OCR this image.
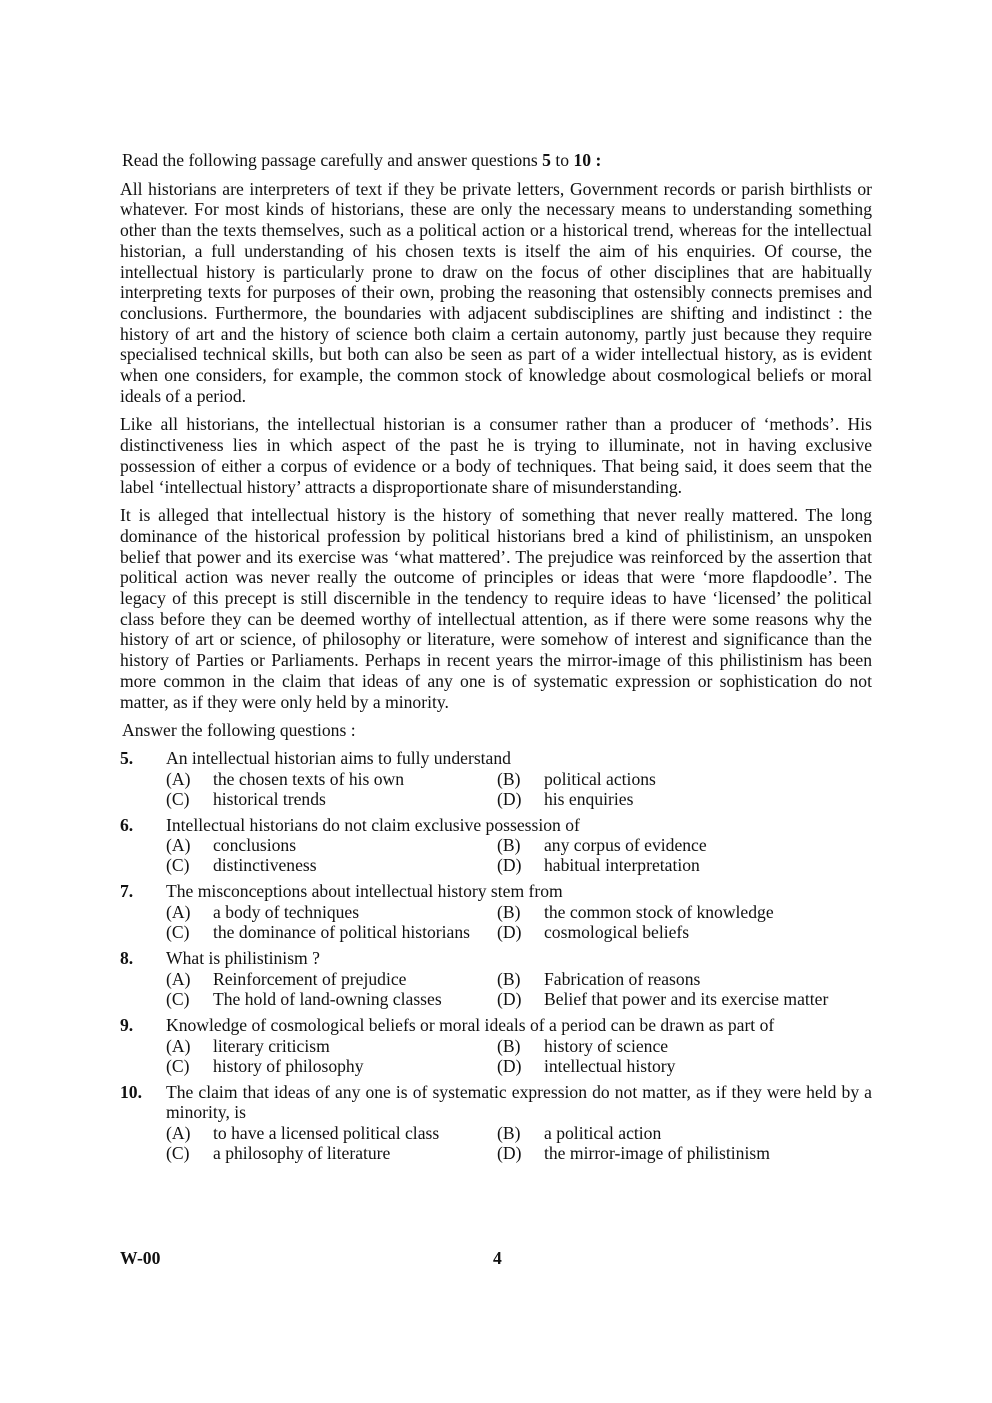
Read the following passage carefully and answer questions 5 to 10 :

All historians are interpreters of text if they be private letters, Government records or parish birthlists or whatever. For most kinds of historians, these are only the necessary means to understanding something other than the texts themselves, such as a political action or a historical trend, whereas for the intellectual historian, a full understanding of his chosen texts is itself the aim of his enquiries. Of course, the intellectual history is particularly prone to draw on the focus of other disciplines that are habitually interpreting texts for purposes of their own, probing the reasoning that ostensibly connects premises and conclusions. Furthermore, the boundaries with adjacent subdisciplines are shifting and indistinct : the history of art and the history of science both claim a certain autonomy, partly just because they require specialised technical skills, but both can also be seen as part of a wider intellectual history, as is evident when one considers, for example, the common stock of knowledge about cosmological beliefs or moral ideals of a period.

Like all historians, the intellectual historian is a consumer rather than a producer of ‘methods’. His distinctiveness lies in which aspect of the past he is trying to illuminate, not in having exclusive possession of either a corpus of evidence or a body of techniques. That being said, it does seem that the label ‘intellectual history’ attracts a disproportionate share of misunderstanding.

It is alleged that intellectual history is the history of something that never really mattered. The long dominance of the historical profession by political historians bred a kind of philistinism, an unspoken belief that power and its exercise was ‘what mattered’. The prejudice was reinforced by the assertion that political action was never really the outcome of principles or ideas that were ‘more flapdoodle’. The legacy of this precept is still discernible in the tendency to require ideas to have ‘licensed’ the political class before they can be deemed worthy of intellectual attention, as if there were some reasons why the history of art or science, of philosophy or literature, were somehow of interest and significance than the history of Parties or Parliaments. Perhaps in recent years the mirror-image of this philistinism has been more common in the claim that ideas of any one is of systematic expression or sophistication do not matter, as if they were only held by a minority.

Answer the following questions :

5.	An intellectual historian aims to fully understand
(A)	the chosen texts of his own	(B)	political actions
(C)	historical trends	(D)	his enquiries
6.	Intellectual historians do not claim exclusive possession of
(A)	conclusions	(B)	any corpus of evidence
(C)	distinctiveness	(D)	habitual interpretation
7.	The misconceptions about intellectual history stem from
(A)	a body of techniques	(B)	the common stock of knowledge
(C)	the dominance of political historians	(D)	cosmological beliefs
8.	What is philistinism ?
(A)	Reinforcement of prejudice	(B)	Fabrication of reasons
(C)	The hold of land-owning classes	(D)	Belief that power and its exercise matter
9.	Knowledge of cosmological beliefs or moral ideals of a period can be drawn as part of
(A)	literary criticism	(B)	history of science
(C)	history of philosophy	(D)	intellectual history
10.	The claim that ideas of any one is of systematic expression do not matter, as if they were held by a minority, is
(A)	to have a licensed political class	(B)	a political action
(C)	a philosophy of literature	(D)	the mirror-image of philistinism
W-00	4
